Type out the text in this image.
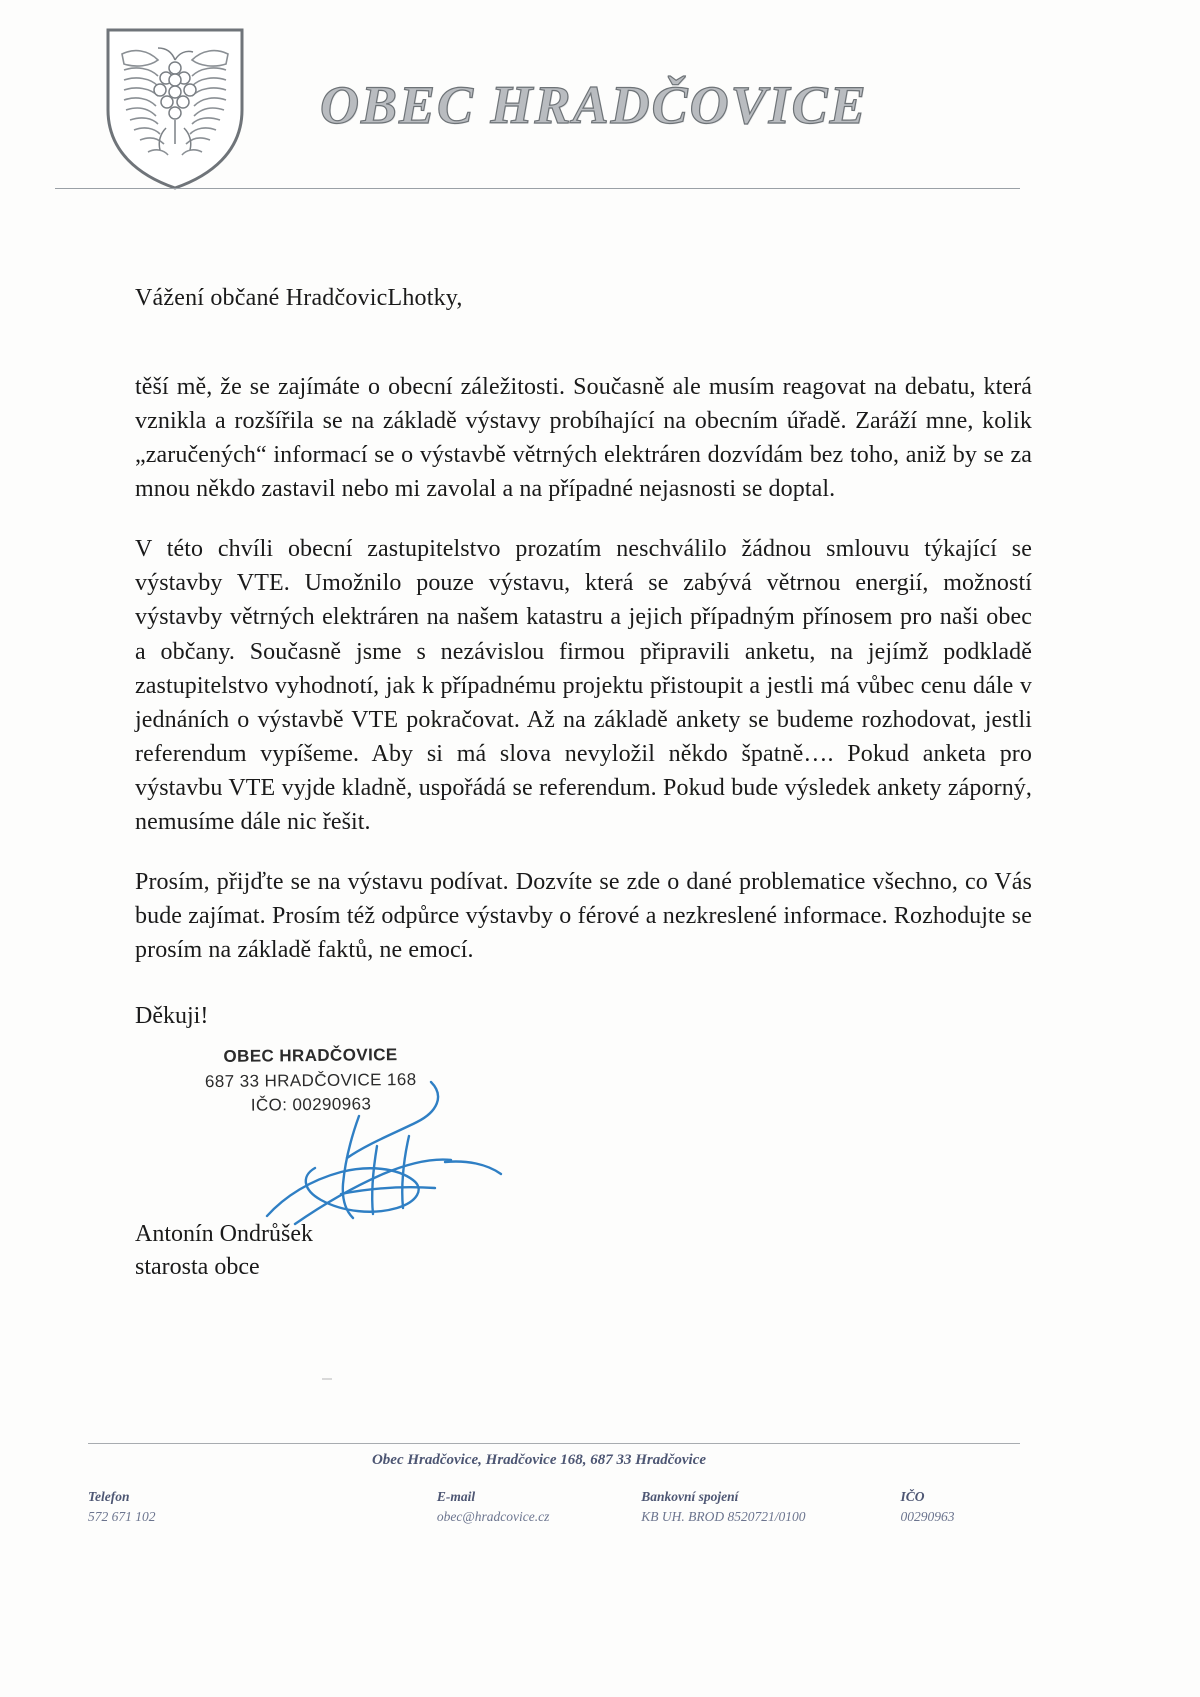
OBEC HRADČOVICE
Vážení občané HradčovicLhotky,

těší mě, že se zajímáte o obecní záležitosti. Současně ale musím reagovat na debatu, která vznikla a rozšířila se na základě výstavy probíhající na obecním úřadě. Zaráží mne, kolik „zaručených“ informací se o výstavbě větrných elektráren dozvídám bez toho, aniž by se za mnou někdo zastavil nebo mi zavolal a na případné nejasnosti se doptal.

V této chvíli obecní zastupitelstvo prozatím neschválilo žádnou smlouvu týkající se výstavby VTE. Umožnilo pouze výstavu, která se zabývá větrnou energií, možností výstavby větrných elektráren na našem katastru a jejich případným přínosem pro naši obec a občany. Současně jsme s nezávislou firmou připravili anketu, na jejímž podkladě zastupitelstvo vyhodnotí, jak k případnému projektu přistoupit a jestli má vůbec cenu dále v jednáních o výstavbě VTE pokračovat. Až na základě ankety se budeme rozhodovat, jestli referendum vypíšeme. Aby si má slova nevyložil někdo špatně…. Pokud anketa pro výstavbu VTE vyjde kladně, uspořádá se referendum. Pokud bude výsledek ankety záporný, nemusíme dále nic řešit.

Prosím, přijďte se na výstavu podívat. Dozvíte se zde o dané problematice všechno, co Vás bude zajímat. Prosím též odpůrce výstavby o férové a nezkreslené informace. Rozhodujte se prosím na základě faktů, ne emocí.

Děkuji!

OBEC HRADČOVICE
687 33 HRADČOVICE 168
IČO: 00290963
Antonín Ondrůšek
starosta obce
Obec Hradčovice, Hradčovice 168, 687 33 Hradčovice
Telefon
572 671 102
E-mail
obec@hradcovice.cz
Bankovní spojení
KB UH. BROD 8520721/0100
IČO
00290963
